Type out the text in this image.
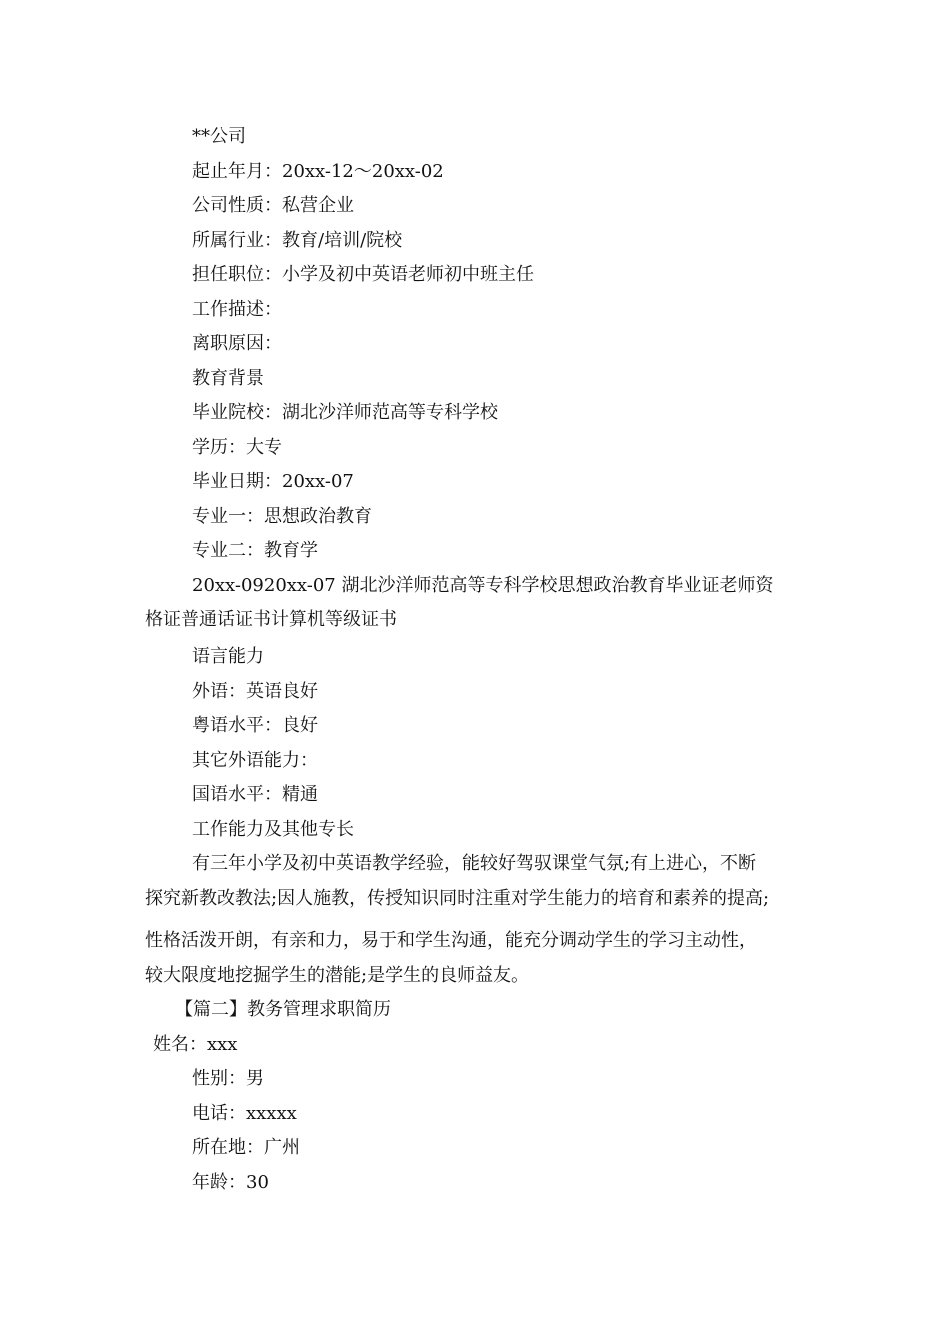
**公司
起止年月：20xx-12～20xx-02
公司性质：私营企业
所属行业：教育/培训/院校
担任职位：小学及初中英语老师初中班主任
工作描述：
离职原因：
教育背景
毕业院校：湖北沙洋师范高等专科学校
学历：大专
毕业日期：20xx-07
专业一：思想政治教育
专业二：教育学
20xx-0920xx-07 湖北沙洋师范高等专科学校思想政治教育毕业证老师资
格证普通话证书计算机等级证书
语言能力
外语：英语良好
粤语水平：良好
其它外语能力：
国语水平：精通
工作能力及其他专长
有三年小学及初中英语教学经验，能较好驾驭课堂气氛;有上进心，不断
探究新教改教法;因人施教，传授知识同时注重对学生能力的培育和素养的提高;
性格活泼开朗，有亲和力，易于和学生沟通，能充分调动学生的学习主动性，
较大限度地挖掘学生的潜能;是学生的良师益友。
【篇二】教务管理求职简历
姓名：xxx
性别：男
电话：xxxxx
所在地：广州
年龄：30
